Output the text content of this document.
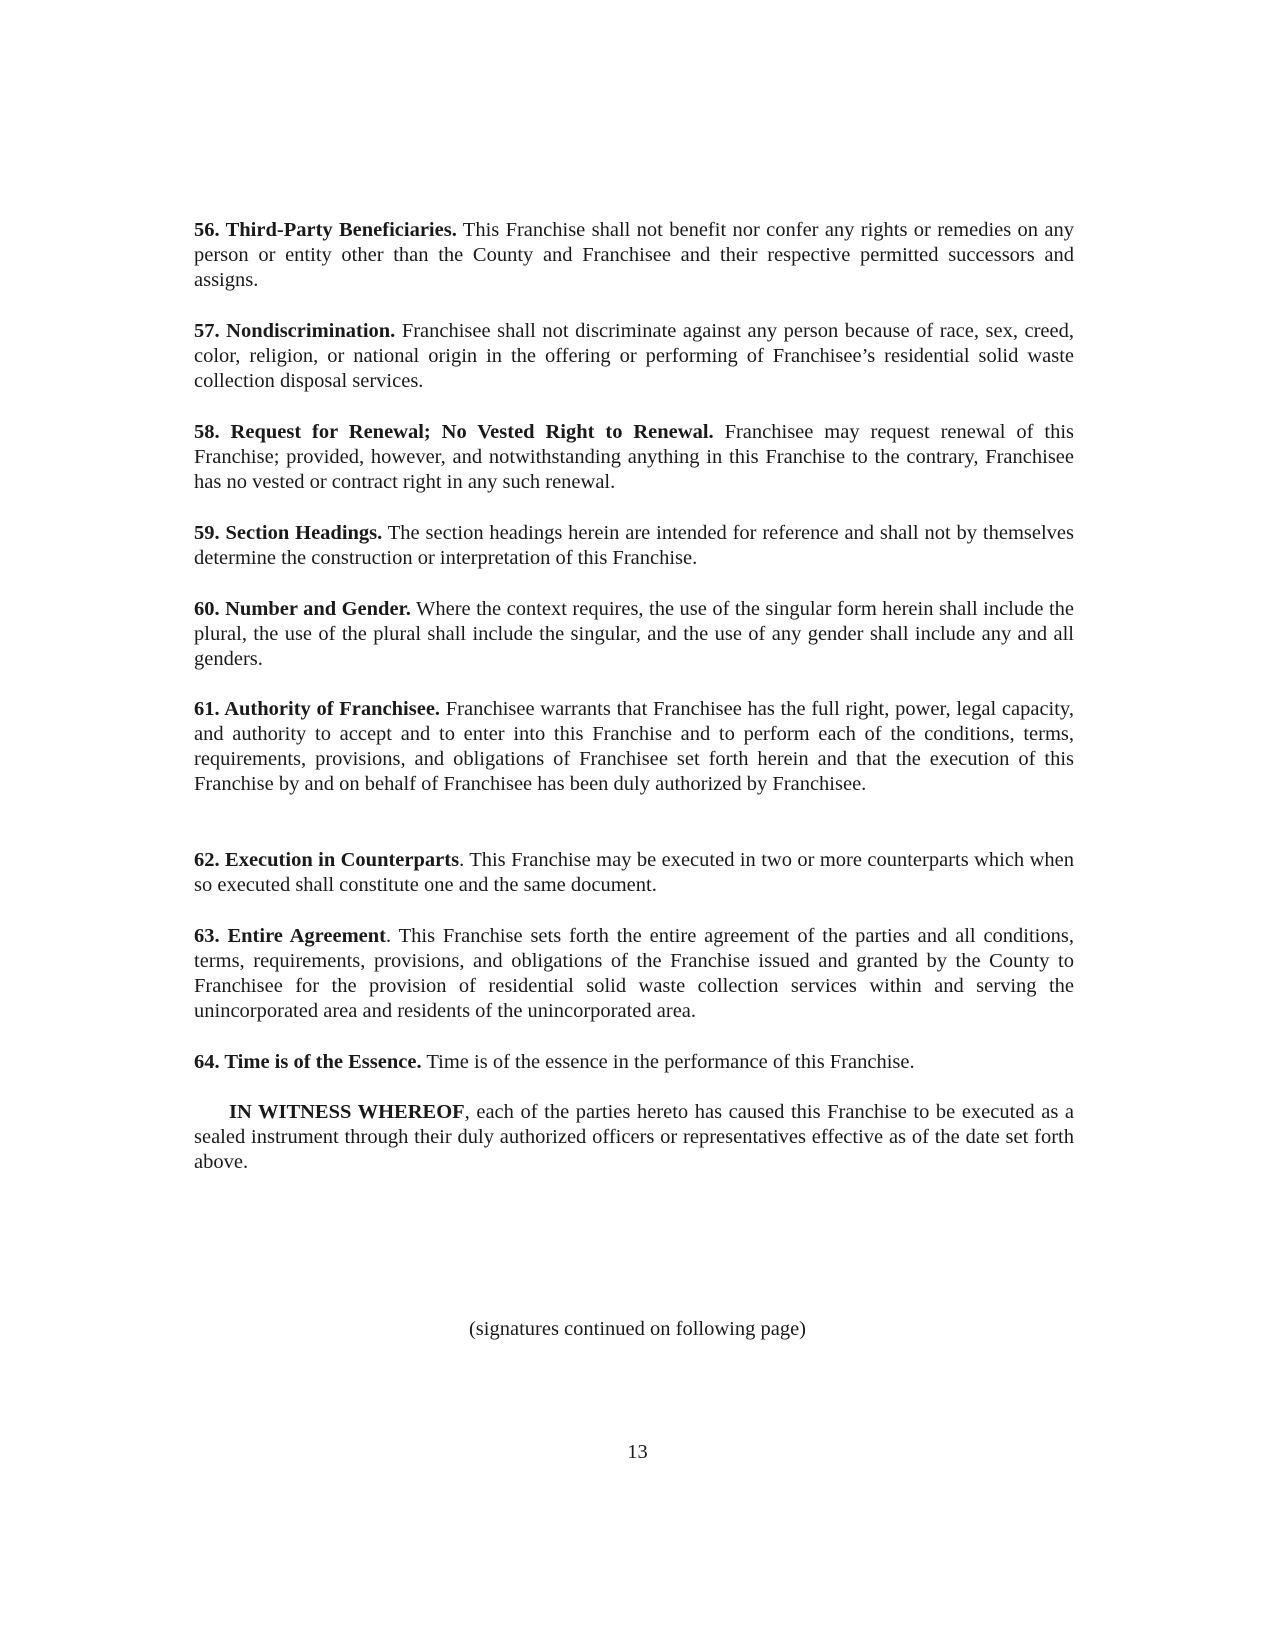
56. Third-Party Beneficiaries. This Franchise shall not benefit nor confer any rights or remedies on any person or entity other than the County and Franchisee and their respective permitted successors and assigns.

57. Nondiscrimination. Franchisee shall not discriminate against any person because of race, sex, creed, color, religion, or national origin in the offering or performing of Franchisee’s residential solid waste collection disposal services.

58. Request for Renewal; No Vested Right to Renewal. Franchisee may request renewal of this Franchise; provided, however, and notwithstanding anything in this Franchise to the contrary, Franchisee has no vested or contract right in any such renewal.

59. Section Headings. The section headings herein are intended for reference and shall not by themselves determine the construction or interpretation of this Franchise.

60. Number and Gender. Where the context requires, the use of the singular form herein shall include the plural, the use of the plural shall include the singular, and the use of any gender shall include any and all genders.

61. Authority of Franchisee. Franchisee warrants that Franchisee has the full right, power, legal capacity, and authority to accept and to enter into this Franchise and to perform each of the conditions, terms, requirements, provisions, and obligations of Franchisee set forth herein and that the execution of this Franchise by and on behalf of Franchisee has been duly authorized by Franchisee.

62. Execution in Counterparts. This Franchise may be executed in two or more counterparts which when so executed shall constitute one and the same document.

63. Entire Agreement. This Franchise sets forth the entire agreement of the parties and all conditions, terms, requirements, provisions, and obligations of the Franchise issued and granted by the County to Franchisee for the provision of residential solid waste collection services within and serving the unincorporated area and residents of the unincorporated area.

64. Time is of the Essence. Time is of the essence in the performance of this Franchise.

IN WITNESS WHEREOF, each of the parties hereto has caused this Franchise to be executed as a sealed instrument through their duly authorized officers or representatives effective as of the date set forth above.

(signatures continued on following page)
13
